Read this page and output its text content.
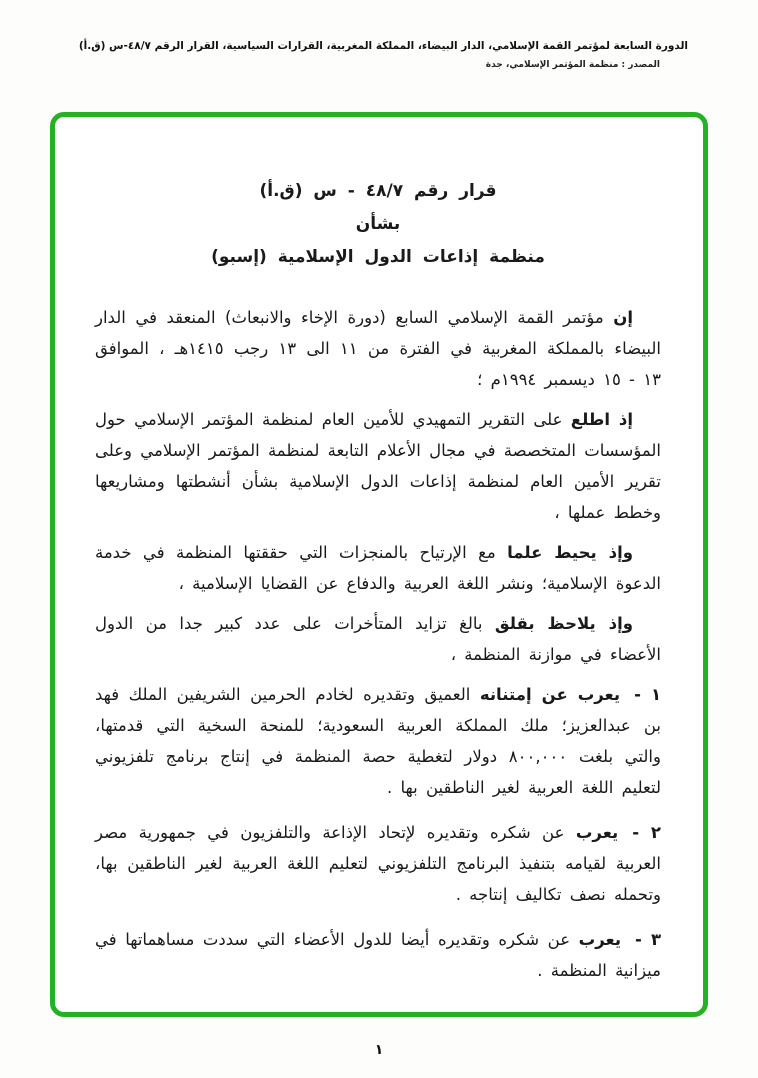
الدورة السابعة لمؤتمر القمة الإسلامي، الدار البيضاء، المملكة المغربية، القرارات السياسية، القرار الرقم ٤٨/٧-س (ق.أ)
المصدر : منظمة المؤتمر الإسلامي، جدة
قرار رقم ٤٨/٧ - س (ق.أ)
بشأن
منظمة إذاعات الدول الإسلامية (إسبو)

إن مؤتمر القمة الإسلامي السابع (دورة الإخاء والانبعاث) المنعقد في الدار البيضاء بالمملكة المغربية في الفترة من ١١ الى ١٣ رجب ١٤١٥هـ ، الموافق ١٣ - ١٥ ديسمبر ١٩٩٤م ؛

إذ اطلع على التقرير التمهيدي للأمين العام لمنظمة المؤتمر الإسلامي حول المؤسسات المتخصصة في مجال الأعلام التابعة لمنظمة المؤتمر الإسلامي وعلى تقرير الأمين العام لمنظمة إذاعات الدول الإسلامية بشأن أنشطتها ومشاريعها وخطط عملها ،

وإذ يحيط علما مع الإرتياح بالمنجزات التي حققتها المنظمة في خدمة الدعوة الإسلامية؛ ونشر اللغة العربية والدفاع عن القضايا الإسلامية ،

وإذ يلاحظ بقلق بالغ تزايد المتأخرات على عدد كبير جدا من الدول الأعضاء في موازنة المنظمة ،

١ -يعرب عن إمتنانه العميق وتقديره لخادم الحرمين الشريفين الملك فهد بن عبدالعزيز؛ ملك المملكة العربية السعودية؛ للمنحة السخية التي قدمتها، والتي بلغت ٨٠٠,٠٠٠ دولار لتغطية حصة المنظمة في إنتاج برنامج تلفزيوني لتعليم اللغة العربية لغير الناطقين بها .

٢ -يعرب عن شكره وتقديره لإتحاد الإذاعة والتلفزيون في جمهورية مصر العربية لقيامه بتنفيذ البرنامج التلفزيوني لتعليم اللغة العربية لغير الناطقين بها، وتحمله نصف تكاليف إنتاجه .

٣ -يعرب عن شكره وتقديره أيضا للدول الأعضاء التي سددت مساهماتها في ميزانية المنظمة .

١
